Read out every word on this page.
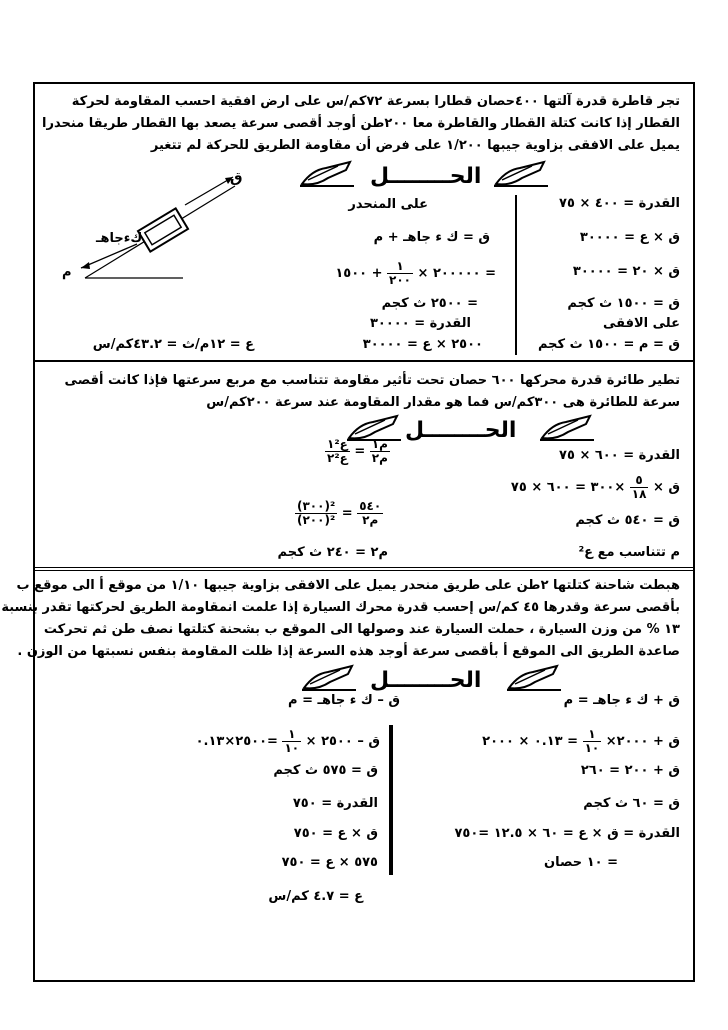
تجر قاطرة قدرة آلتها ٤٠٠حصان قطارا بسرعة ٧٢كم/س على ارض افقية احسب المقاومة لحركة
القطار إذا كانت كتلة القطار والقاطرة معا ٢٠٠طن أوجد أقصى سرعة يصعد بها القطار طريقا منحدرا
يميل على الافقى بزاوية جيبها ١/٢٠٠ على فرض أن مقاومة الطريق للحركة لم تتغير
الحــــــــل
القدرة = ٤٠٠ × ٧٥
ق × ع = ٣٠٠٠٠
ق × ٢٠ = ٣٠٠٠٠
ق = ١٥٠٠ ث كجم
على الافقى
ق = م = ١٥٠٠ ث كجم
على المنحدر
ق = ك ء جاهـ + م
= ٢٠٠٠٠٠ ×
$\frac{١}{٢٠٠}$
+ ١٥٠٠
= ٢٥٠٠ ث كجم
القدرة = ٣٠٠٠٠
٢٥٠٠ × ع = ٣٠٠٠٠
ع = ١٢م/ث = ٤٣.٢كم/س
ق
كءجاهـ
م
تطير طائرة قدرة محركها ٦٠٠ حصان تحت تأثير مقاومة تتناسب مع مربع سرعتها فإذا كانت أقصى
سرعة للطائرة هى ٣٠٠كم/س فما هو مقدار المقاومة عند سرعة ٢٠٠كم/س
الحــــــــل
القدرة = ٦٠٠ × ٧٥
ق ×
$\frac{٥}{١٨}$
×٣٠٠ = ٦٠٠ × ٧٥
ق = ٥٤٠ ث كجم
م تتناسب مع ع²
$\frac{\text{ع١²}}{\text{ع٢²}} = \frac{\text{م١}}{\text{م٢}}$
$\frac{\text{(٣٠٠)²}}{\text{(٢٠٠)²}} = \frac{٥٤٠}{\text{م٢}}$
م٢ = ٢٤٠ ث كجم
هبطت شاحنة كتلتها ٢طن على طريق منحدر يميل على الافقى بزاوية جيبها ١/١٠ من موقع أ الى موقع ب
بأقصى سرعة وقدرها ٤٥ كم/س إحسب قدرة محرك السيارة إذا علمت انمقاومة الطريق لحركتها تقدر بنسبة
١٣ % من وزن السيارة ، حملت السيارة عند وصولها الى الموقع ب بشحنة كتلتها نصف طن ثم تحركت
صاعدة الطريق الى الموقع أ بأقصى سرعة أوجد هذه السرعة إذا ظلت المقاومة بنفس نسبتها من الوزن .
الحــــــــل
ق + ك ء جاهـ = م
ق + ٢٠٠٠×
$\frac{١}{١٠}$
= ٠.١٣ × ٢٠٠٠
ق + ٢٠٠ = ٢٦٠
ق = ٦٠ ث كجم
القدرة = ق × ع = ٦٠ × ١٢.٥ =٧٥٠
= ١٠ حصان
ق – ك ء جاهـ = م
ق – ٢٥٠٠ ×
$\frac{١}{١٠}$
=٢٥٠٠×٠.١٣
ق = ٥٧٥ ث كجم
القدرة = ٧٥٠
ق × ع = ٧٥٠
٥٧٥ × ع = ٧٥٠
ع = ٤.٧ كم/س
